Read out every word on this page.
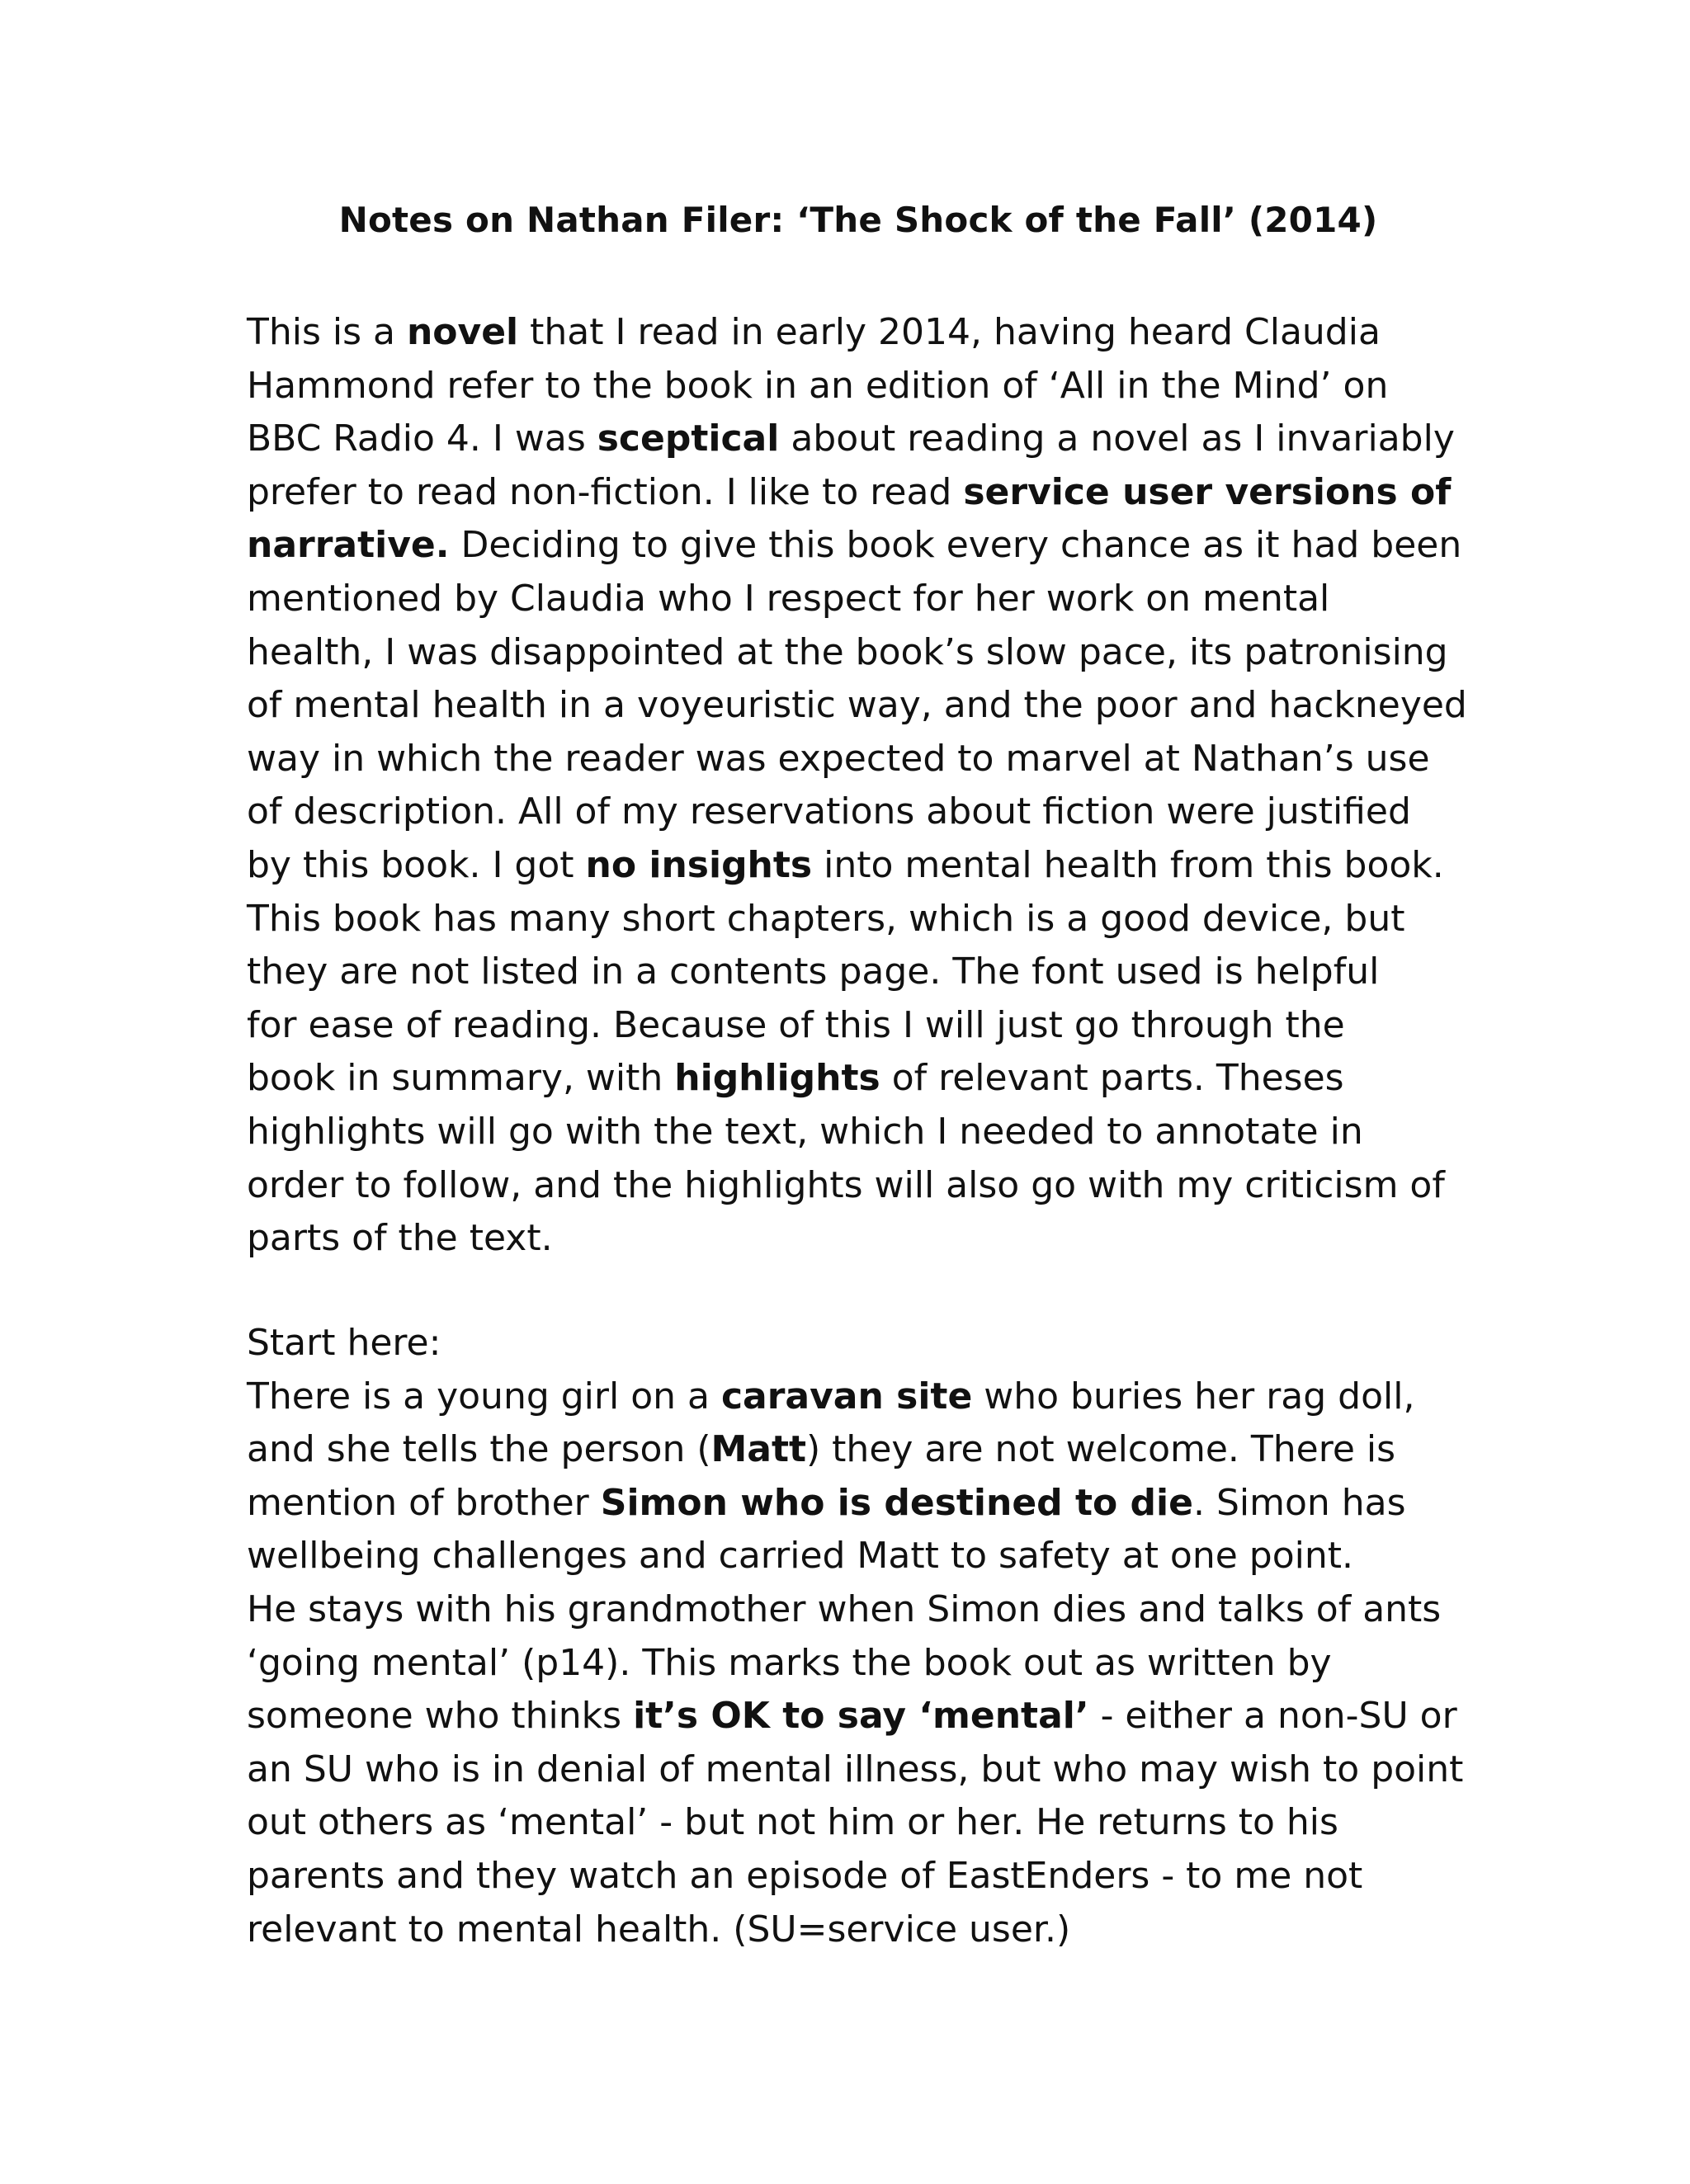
Notes on Nathan Filer: ‘The Shock of the Fall’ (2014)
This is a novel that I read in early 2014, having heard Claudia
Hammond refer to the book in an edition of ‘All in the Mind’ on
BBC Radio 4. I was sceptical about reading a novel as I invariably
prefer to read non-fiction. I like to read service user versions of
narrative. Deciding to give this book every chance as it had been
mentioned by Claudia who I respect for her work on mental
health, I was disappointed at the book’s slow pace, its patronising
of mental health in a voyeuristic way, and the poor and hackneyed
way in which the reader was expected to marvel at Nathan’s use
of description. All of my reservations about fiction were justified
by this book. I got no insights into mental health from this book.
This book has many short chapters, which is a good device, but
they are not listed in a contents page. The font used is helpful
for ease of reading. Because of this I will just go through the
book in summary, with highlights of relevant parts. Theses
highlights will go with the text, which I needed to annotate in
order to follow, and the highlights will also go with my criticism of
parts of the text.
Start here:
There is a young girl on a caravan site who buries her rag doll,
and she tells the person (Matt) they are not welcome. There is
mention of brother Simon who is destined to die. Simon has
wellbeing challenges and carried Matt to safety at one point.
He stays with his grandmother when Simon dies and talks of ants
‘going mental’ (p14). This marks the book out as written by
someone who thinks it’s OK to say ‘mental’ - either a non-SU or
an SU who is in denial of mental illness, but who may wish to point
out others as ‘mental’ - but not him or her. He returns to his
parents and they watch an episode of EastEnders - to me not
relevant to mental health. (SU=service user.)
